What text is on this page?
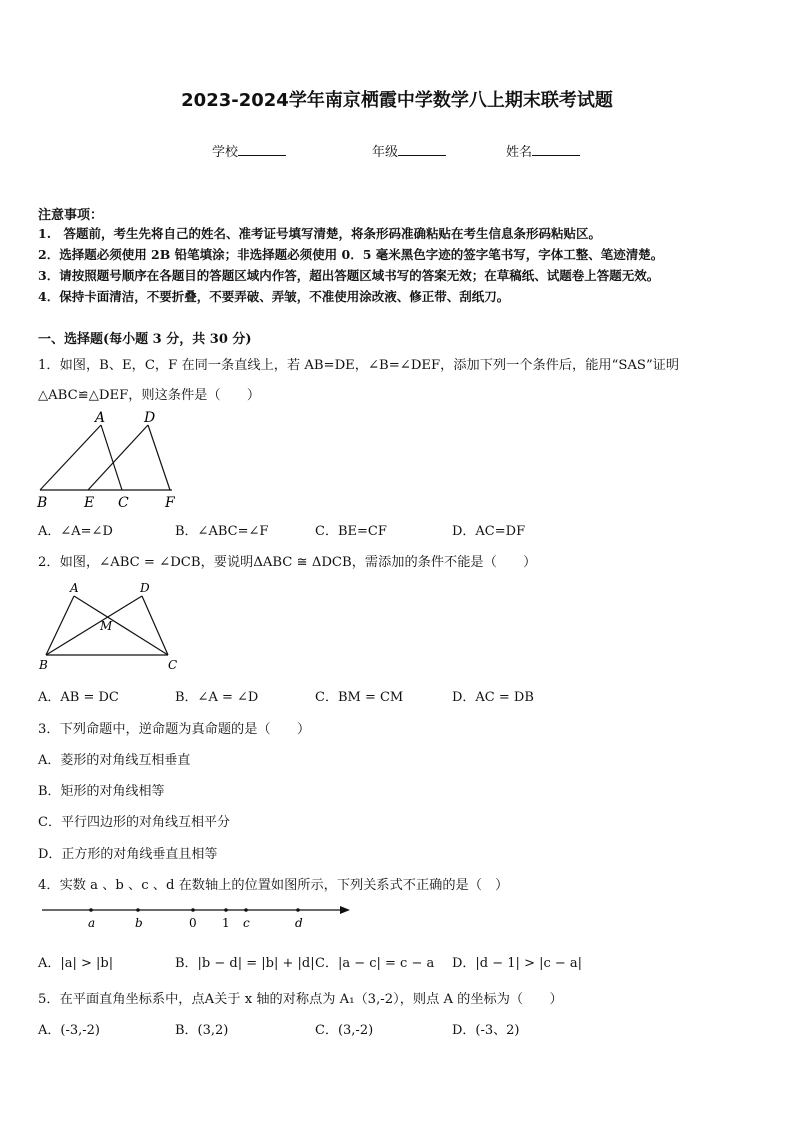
2023-2024学年南京栖霞中学数学八上期末联考试题
学校	年级	姓名
注意事项：
1.　答题前，考生先将自己的姓名、准考证号填写清楚，将条形码准确粘贴在考生信息条形码粘贴区。
2．选择题必须使用 2B 铅笔填涂；非选择题必须使用 0．5 毫米黑色字迹的签字笔书写，字体工整、笔迹清楚。
3．请按照题号顺序在各题目的答题区域内作答，超出答题区域书写的答案无效；在草稿纸、试题卷上答题无效。
4．保持卡面清洁，不要折叠，不要弄破、弄皱，不准使用涂改液、修正带、刮纸刀。
一、选择题(每小题 3 分，共 30 分)
1．如图，B、E，C，F 在同一条直线上，若 AB=DE，∠B=∠DEF，添加下列一个条件后，能用“SAS”证明
△ABC≌△DEF，则这条件是（　　）
A	D
B	E C	F
A．∠A=∠D	B．∠ABC=∠F	C．BE=CF	D．AC=DF
2．如图，∠ABC = ∠DCB，要说明ΔABC ≅ ΔDCB，需添加的条件不能是（　　）
A	D
M
B	C
A．AB = DC	B．∠A = ∠D	C．BM = CM	D．AC = DB
3．下列命题中，逆命题为真命题的是（　　）
A．菱形的对角线互相垂直
B．矩形的对角线相等
C．平行四边形的对角线互相平分
D．正方形的对角线垂直且相等
4．实数 a 、b 、c 、d 在数轴上的位置如图所示，下列关系式不正确的是（　）
a	b	0 1 c	d
A．|a| > |b|	B．|b − d| = |b| + |d| C．|a − c| = c − a D．|d − 1| > |c − a|
5．在平面直角坐标系中，点A关于 x 轴的对称点为 A₁（3,-2），则点 A 的坐标为（　　）
A．(-3,-2)	B．(3,2)	C．(3,-2)	D．(-3、2)
